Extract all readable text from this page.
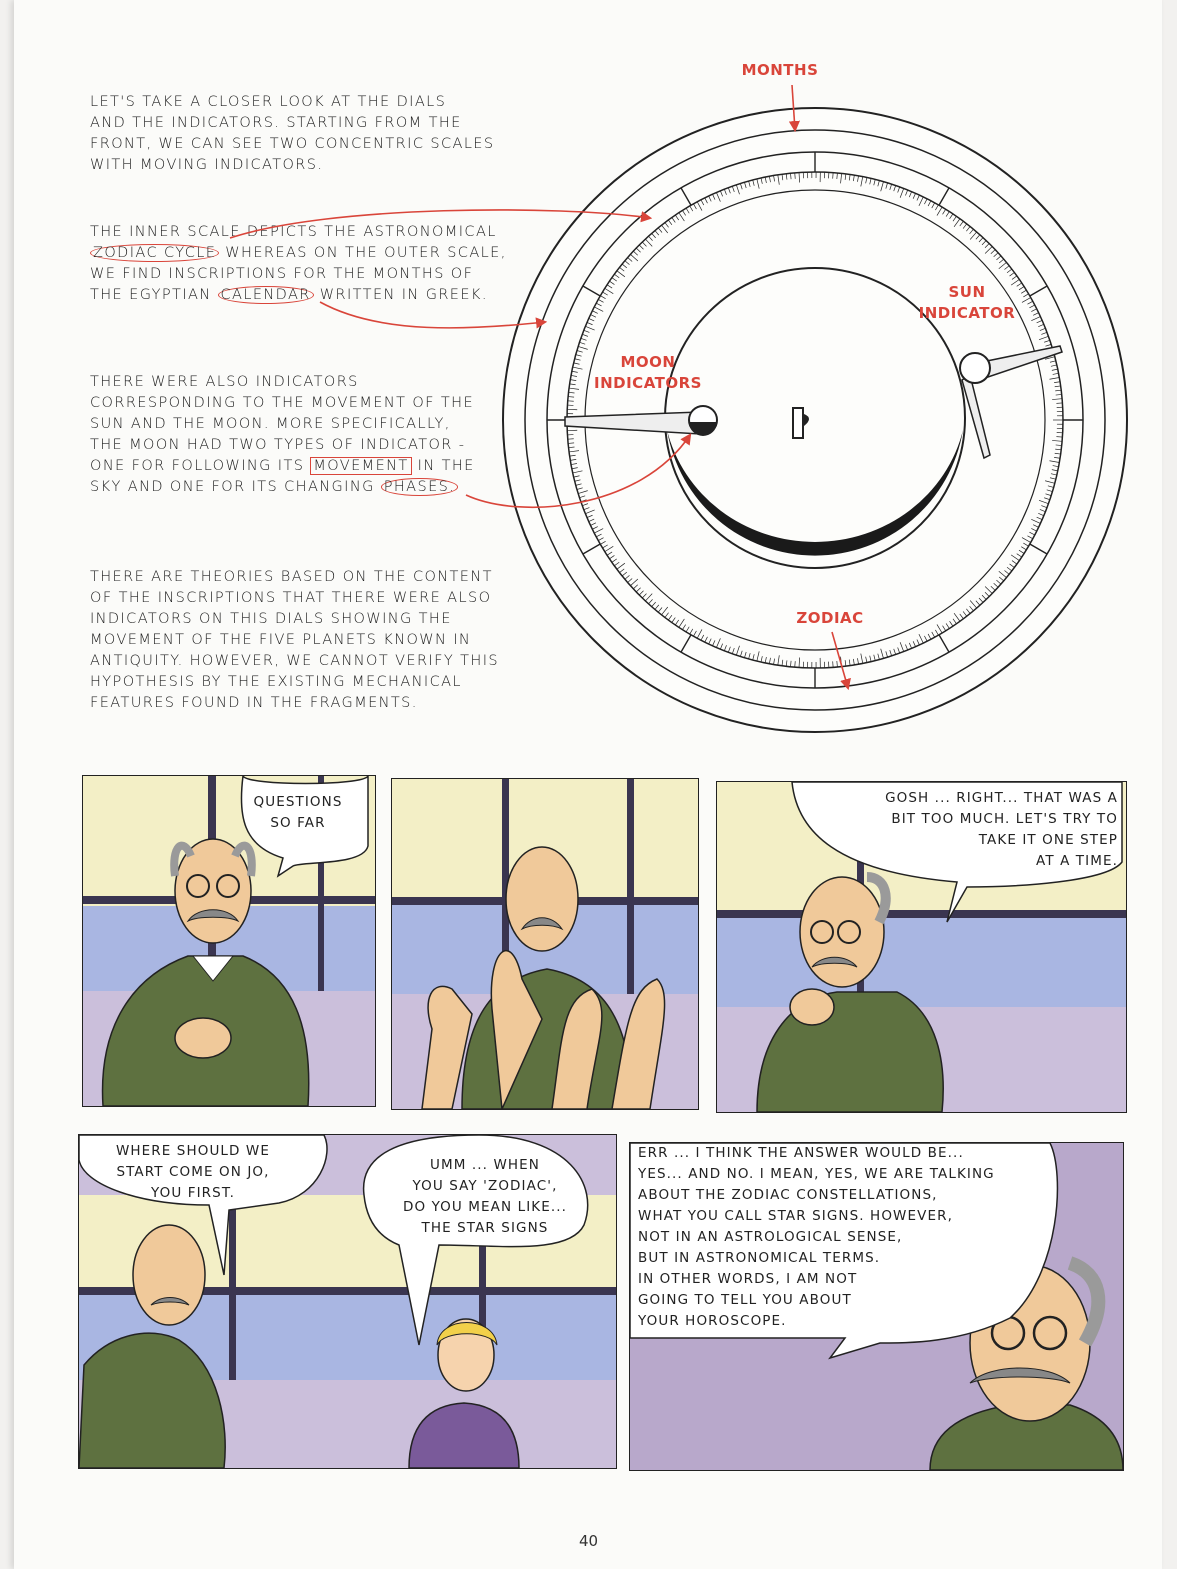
LET'S TAKE A CLOSER LOOK AT THE DIALS
AND THE INDICATORS. STARTING FROM THE
FRONT, WE CAN SEE TWO CONCENTRIC SCALES
WITH MOVING INDICATORS.
THE INNER SCALE DEPICTS THE ASTRONOMICAL
ZODIAC CYCLE WHEREAS ON THE OUTER SCALE,
WE FIND INSCRIPTIONS FOR THE MONTHS OF
THE EGYPTIAN CALENDAR WRITTEN IN GREEK.
THERE WERE ALSO INDICATORS
CORRESPONDING TO THE MOVEMENT OF THE
SUN AND THE MOON. MORE SPECIFICALLY,
THE MOON HAD TWO TYPES OF INDICATOR -
ONE FOR FOLLOWING ITS MOVEMENT IN THE
SKY AND ONE FOR ITS CHANGING PHASES.
THERE ARE THEORIES BASED ON THE CONTENT
OF THE INSCRIPTIONS THAT THERE WERE ALSO
INDICATORS ON THIS DIALS SHOWING THE
MOVEMENT OF THE FIVE PLANETS KNOWN IN
ANTIQUITY. HOWEVER, WE CANNOT VERIFY THIS
HYPOTHESIS BY THE EXISTING MECHANICAL
FEATURES FOUND IN THE FRAGMENTS.
MONTHS
SUN
INDICATOR
MOON
INDICATORS
ZODIAC
QUESTIONS
SO FAR
GOSH ... RIGHT... THAT WAS A
BIT TOO MUCH. LET'S TRY TO
TAKE IT ONE STEP
AT A TIME.
WHERE SHOULD WE
START COME ON JO,
YOU FIRST.
UMM ... WHEN
YOU SAY 'ZODIAC',
DO YOU MEAN LIKE...
THE STAR SIGNS
ERR ... I THINK THE ANSWER WOULD BE...
YES... AND NO. I MEAN, YES, WE ARE TALKING
ABOUT THE ZODIAC CONSTELLATIONS,
WHAT YOU CALL STAR SIGNS. HOWEVER,
NOT IN AN ASTROLOGICAL SENSE,
BUT IN ASTRONOMICAL TERMS.
IN OTHER WORDS, I AM NOT
GOING TO TELL YOU ABOUT
YOUR HOROSCOPE.
40
